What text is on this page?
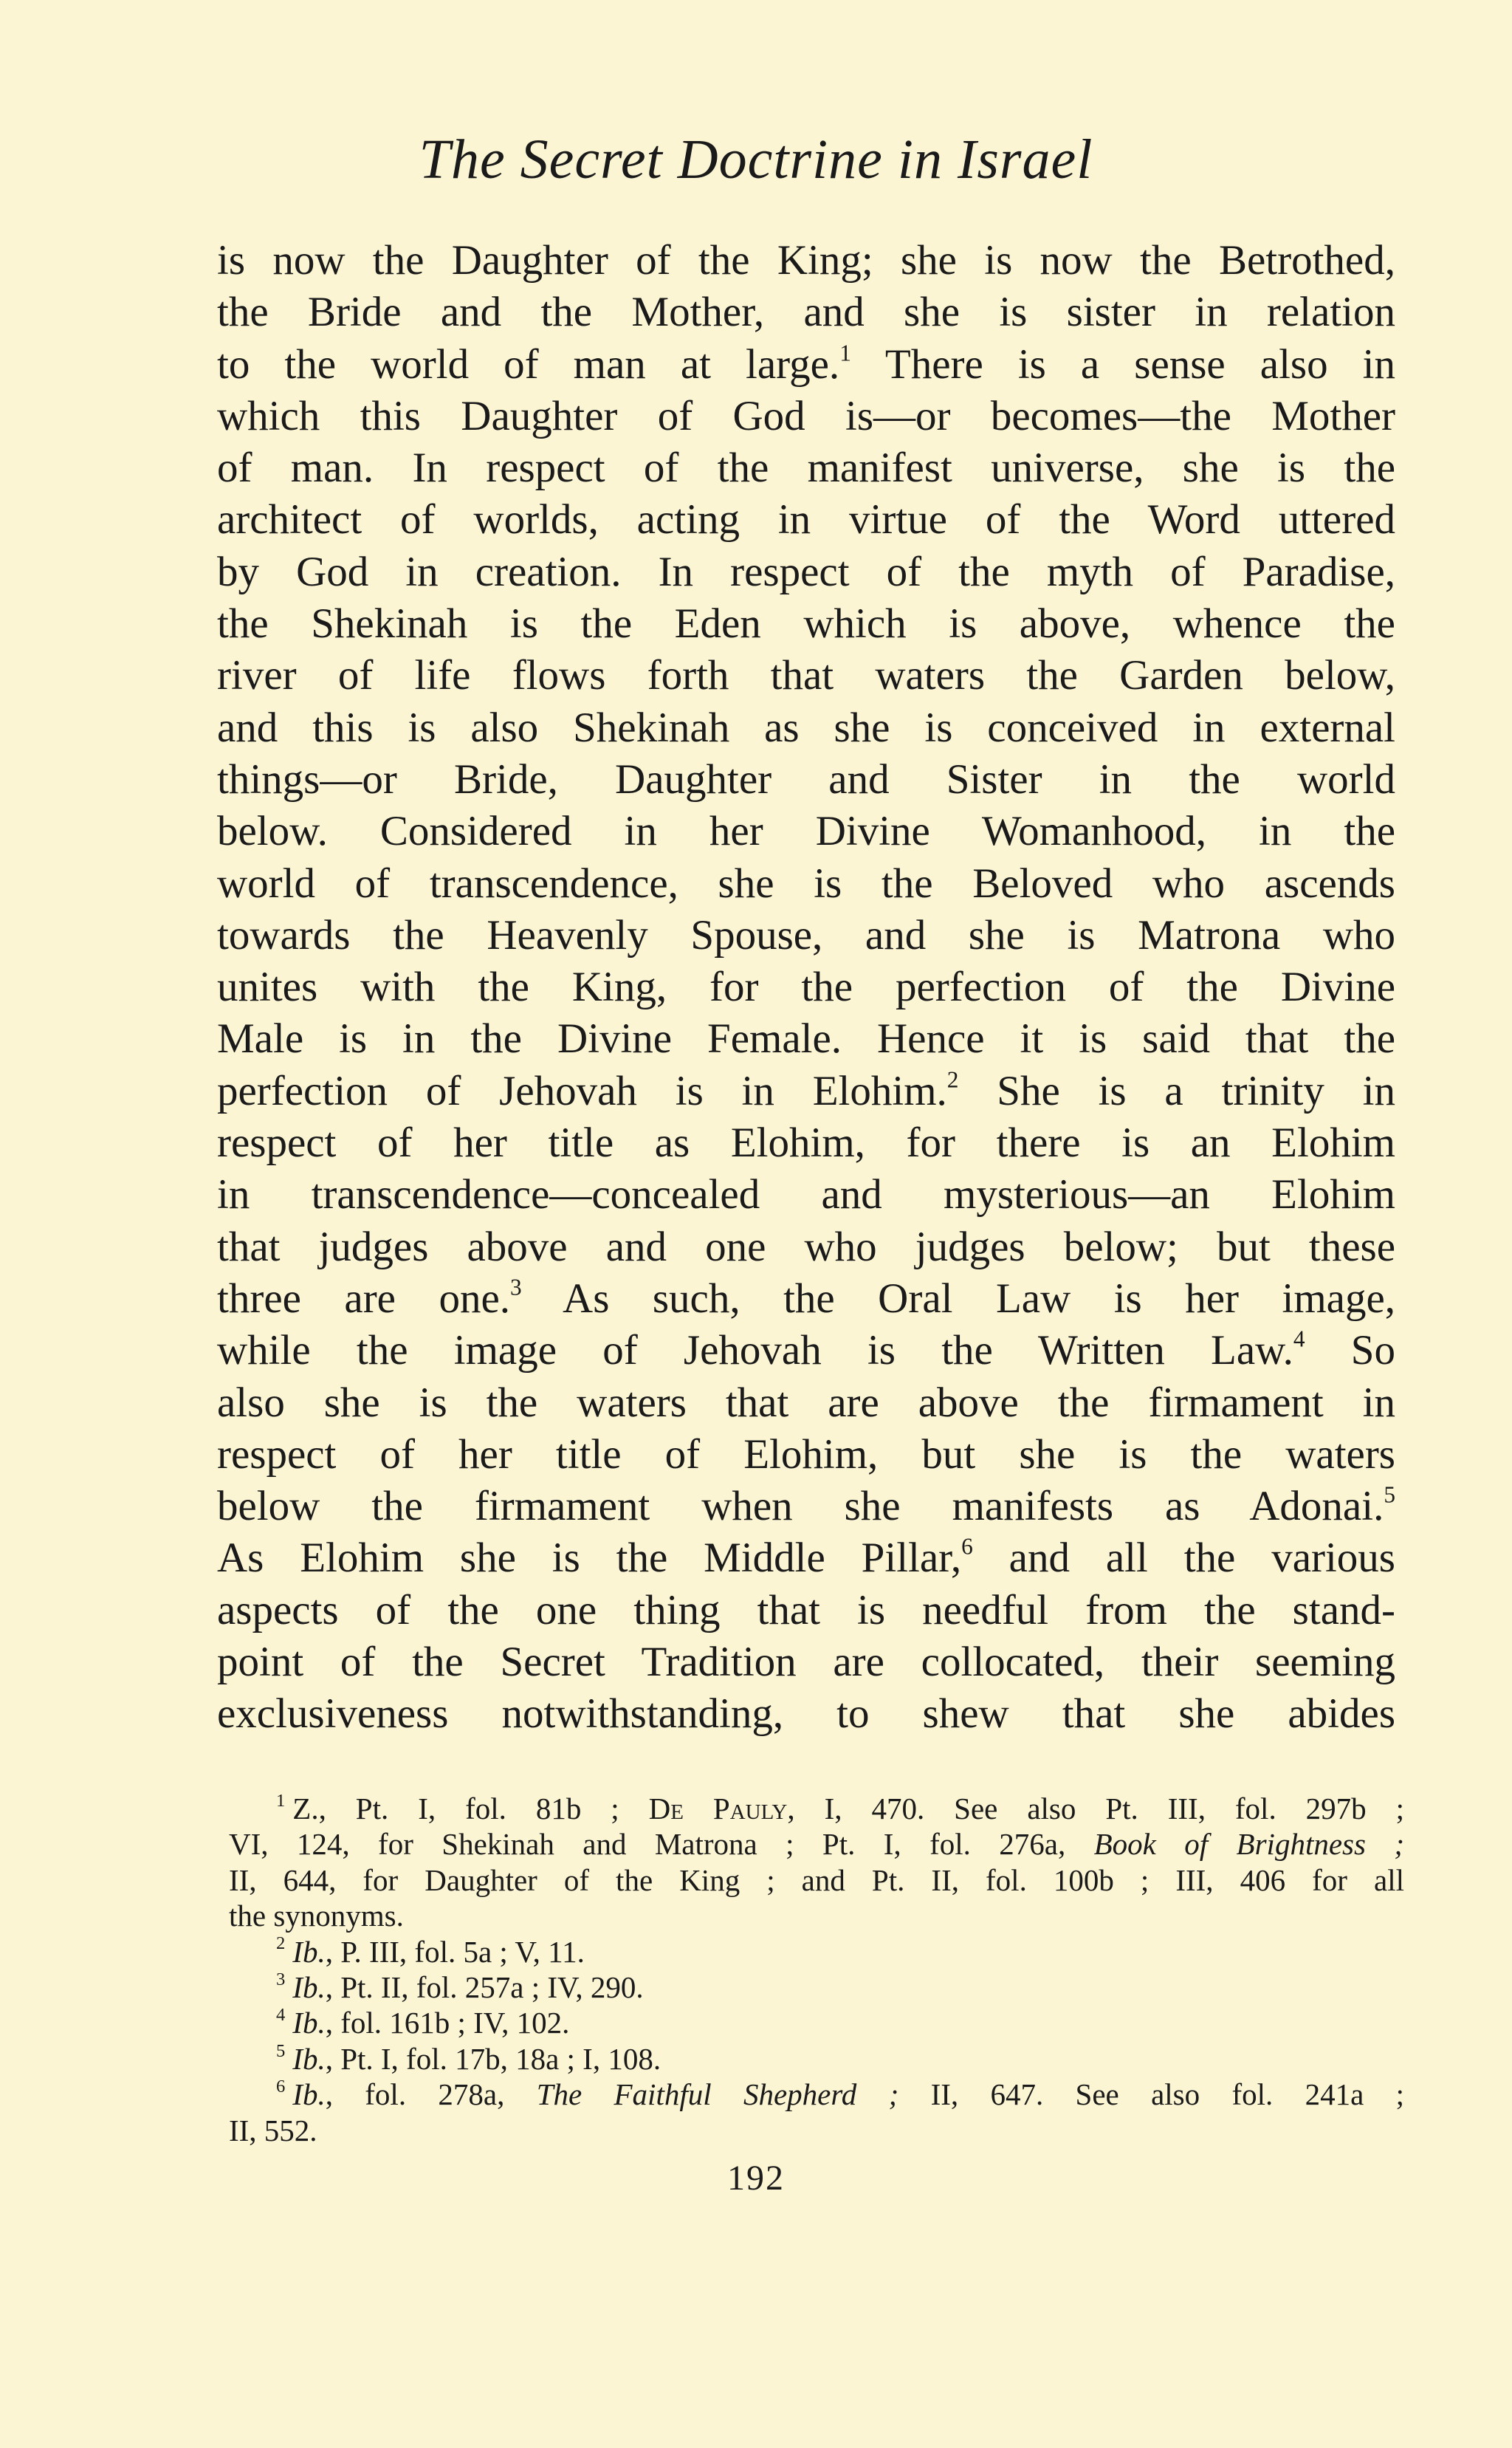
The Secret Doctrine in Israel
is now the Daughter of the King; she is now the Betrothed,
the Bride and the Mother, and she is sister in relation
to the world of man at large.$^1$ There is a sense also in
which this Daughter of God is—or becomes—the Mother
of man. In respect of the manifest universe, she is the
architect of worlds, acting in virtue of the Word uttered
by God in creation. In respect of the myth of Paradise,
the Shekinah is the Eden which is above, whence the
river of life flows forth that waters the Garden below,
and this is also Shekinah as she is conceived in external
things—or Bride, Daughter and Sister in the world
below. Considered in her Divine Womanhood, in the
world of transcendence, she is the Beloved who ascends
towards the Heavenly Spouse, and she is Matrona who
unites with the King, for the perfection of the Divine
Male is in the Divine Female. Hence it is said that the
perfection of Jehovah is in Elohim.$^2$ She is a trinity in
respect of her title as Elohim, for there is an Elohim
in transcendence—concealed and mysterious—an Elohim
that judges above and one who judges below; but these
three are one.$^3$ As such, the Oral Law is her image,
while the image of Jehovah is the Written Law.$^4$ So
also she is the waters that are above the firmament in
respect of her title of Elohim, but she is the waters
below the firmament when she manifests as Adonai.$^5$
As Elohim she is the Middle Pillar,$^6$ and all the various
aspects of the one thing that is needful from the stand-
point of the Secret Tradition are collocated, their seeming
exclusiveness notwithstanding, to shew that she abides
$^1$ Z., Pt. I, fol. 81b ; De Pauly, I, 470. See also Pt. III, fol. 297b ;
VI, 124, for Shekinah and Matrona ; Pt. I, fol. 276a, Book of Brightness ;
II, 644, for Daughter of the King ; and Pt. II, fol. 100b ; III, 406 for all
the synonyms.
$^2$ Ib., P. III, fol. 5a ; V, 11.
$^3$ Ib., Pt. II, fol. 257a ; IV, 290.
$^4$ Ib., fol. 161b ; IV, 102.
$^5$ Ib., Pt. I, fol. 17b, 18a ; I, 108.
$^6$ Ib., fol. 278a, The Faithful Shepherd ; II, 647. See also fol. 241a ;
II, 552.
192
